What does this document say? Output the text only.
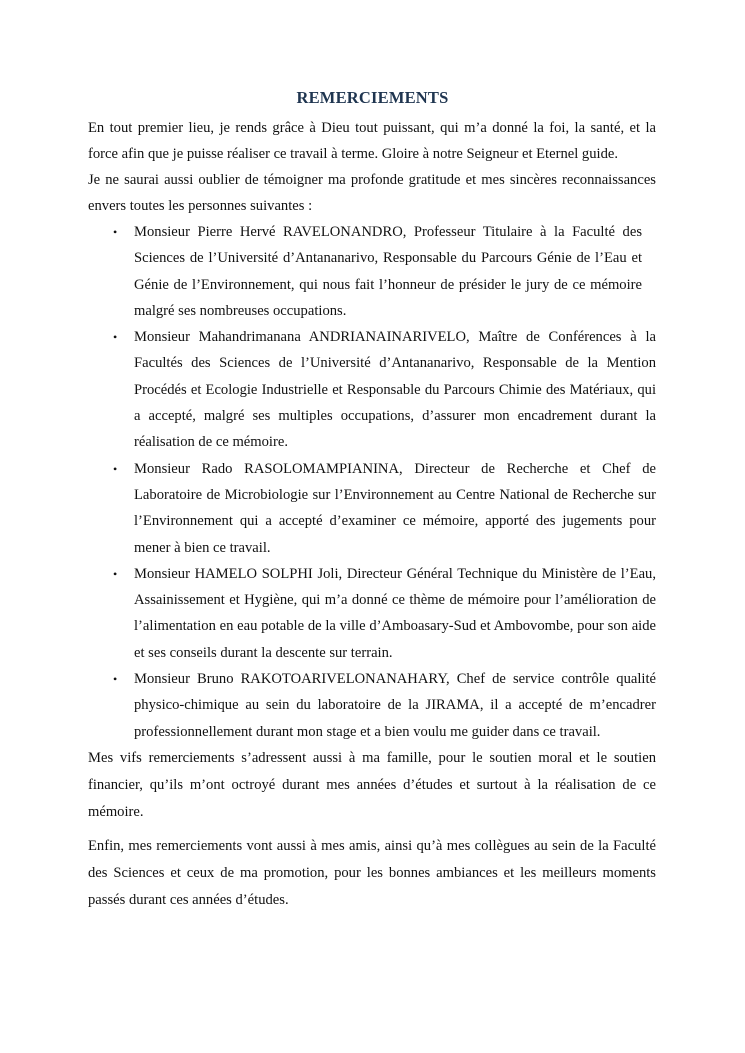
REMERCIEMENTS

En tout premier lieu, je rends grâce à Dieu tout puissant, qui m’a donné la foi, la santé, et la force afin que je puisse réaliser ce travail à terme. Gloire à notre Seigneur et Eternel guide.

Je ne saurai aussi oublier de témoigner ma profonde gratitude et mes sincères reconnaissances envers toutes les personnes suivantes :

• Monsieur Pierre Hervé RAVELONANDRO, Professeur Titulaire à la Faculté des Sciences de l’Université d’Antananarivo, Responsable du Parcours Génie de l’Eau et Génie de l’Environnement, qui nous fait l’honneur de présider le jury de ce mémoire malgré ses nombreuses occupations.
• Monsieur Mahandrimanana ANDRIANAINARIVELO, Maître de Conférences à la Facultés des Sciences de l’Université d’Antananarivo, Responsable de la Mention Procédés et Ecologie Industrielle et Responsable du Parcours Chimie des Matériaux, qui a accepté, malgré ses multiples occupations, d’assurer mon encadrement durant la réalisation de ce mémoire.
• Monsieur Rado RASOLOMAMPIANINA, Directeur de Recherche et Chef de Laboratoire de Microbiologie sur l’Environnement au Centre National de Recherche sur l’Environnement qui a accepté d’examiner ce mémoire, apporté des jugements pour mener à bien ce travail.
• Monsieur HAMELO SOLPHI Joli, Directeur Général Technique du Ministère de l’Eau, Assainissement et Hygiène, qui m’a donné ce thème de mémoire pour l’amélioration de l’alimentation en eau potable de la ville d’Amboasary-Sud et Ambovombe, pour son aide et ses conseils durant la descente sur terrain.
• Monsieur Bruno RAKOTOARIVELONANAHARY, Chef de service contrôle qualité physico-chimique au sein du laboratoire de la JIRAMA, il a accepté de m’encadrer professionnellement durant mon stage et a bien voulu me guider dans ce travail.

Mes vifs remerciements s’adressent aussi à ma famille, pour le soutien moral et le soutien financier, qu’ils m’ont octroyé durant mes années d’études et surtout à la réalisation de ce mémoire.

Enfin, mes remerciements vont aussi à mes amis, ainsi qu’à mes collègues au sein de la Faculté des Sciences et ceux de ma promotion, pour les bonnes ambiances et les meilleurs moments passés durant ces années d’études.
